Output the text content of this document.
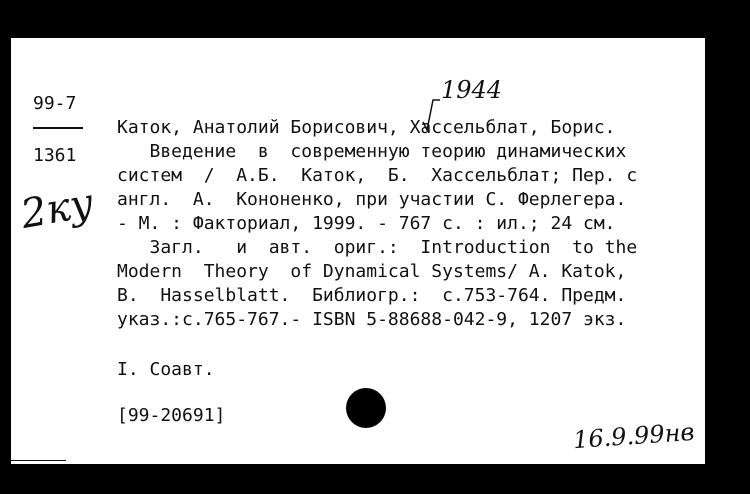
99-7
1361
2ку
1944
Каток, Анатолий Борисович, Хассельблат, Борис.
Введение  в  современную теорию динамических
систем  /  А.Б.  Каток,  Б.  Хассельблат; Пер. с
англ.  А.  Кононенко, при участии С. Ферлегера.
- М. : Факториал, 1999. - 767 с. : ил.; 24 см.
Загл.   и  авт.  ориг.:  Introduction  to the
Modern  Theory  of Dynamical Systems/ A. Katok,
B.  Hasselblatt.  Библиогр.:  с.753-764. Предм.
указ.:с.765-767.- ISBN 5-88688-042-9, 1207 экз.
I. Соавт.
[99-20691]
16.9.99нв
